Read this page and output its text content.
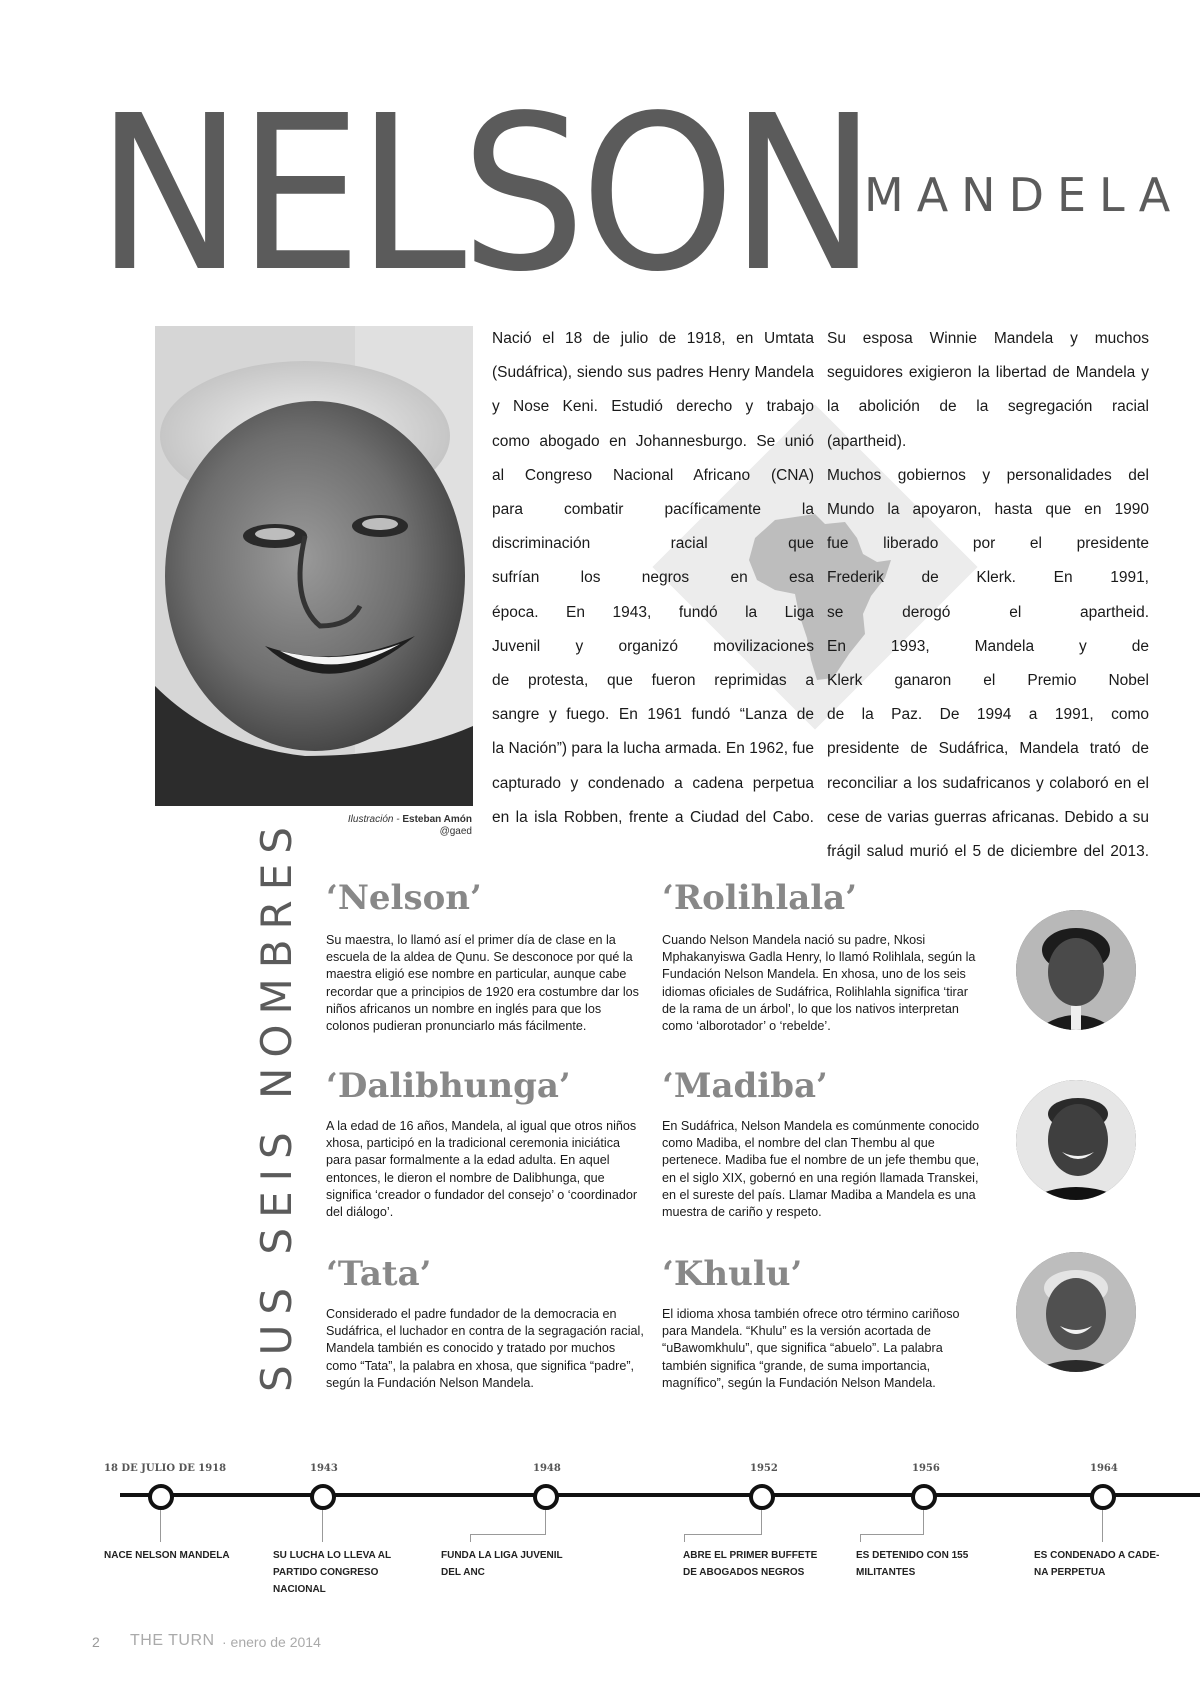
NELSON
MANDELA
Ilustración - Esteban Amón
@gaed
Nació el 18 de julio de 1918, en Umtata
(Sudáfrica), siendo sus padres Henry Mandela
y Nose Keni. Estudió derecho y trabajo
como abogado en Johannesburgo. Se unió
al Congreso Nacional Africano (CNA)
para combatir pacíficamente la
discriminación racial que
sufrían los negros en esa
época. En 1943, fundó la Liga
Juvenil y organizó movilizaciones
de protesta, que fueron reprimidas a
sangre y fuego. En 1961 fundó “Lanza de
la Nación”) para la lucha armada. En 1962, fue
capturado y condenado a cadena perpetua
en la isla Robben, frente a Ciudad del Cabo.
Su esposa Winnie Mandela y muchos
seguidores exigieron la libertad de Mandela y
la abolición de la segregación racial (apartheid).
Muchos gobiernos y personalidades del
Mundo la apoyaron, hasta que en 1990
fue liberado por el presidente
Frederik de Klerk. En 1991,
se derogó el apartheid.
En 1993, Mandela y de
Klerk ganaron el Premio Nobel
de la Paz. De 1994 a 1991, como
presidente de Sudáfrica, Mandela trató de
reconciliar a los sudafricanos y colaboró en el
cese de varias guerras africanas. Debido a su
frágil salud murió el 5 de diciembre del 2013.
SUS SEIS NOMBRES ‘Nelson’
Su maestra, lo llamó así el primer día de clase en la escuela de la aldea de Qunu. Se desconoce por qué la maestra eligió ese nombre en particular, aunque cabe recordar que a principios de 1920 era costumbre dar los niños africanos un nombre en inglés para que los colonos pudieran pronunciarlo más fácilmente.
‘Rolihlala’
Cuando Nelson Mandela nació su padre, Nkosi Mphakanyiswa Gadla Henry, lo llamó Rolihlala, según la Fundación Nelson Mandela. En xhosa, uno de los seis idiomas oficiales de Sudáfrica, Rolihlahla significa ‘tirar de la rama de un árbol’, lo que los nativos interpretan como ‘alborotador’ o ‘rebelde’.
‘Dalibhunga’
A la edad de 16 años, Mandela, al igual que otros niños xhosa, participó en la tradicional ceremonia iniciática para pasar formalmente a la edad adulta. En aquel entonces, le dieron el nombre de Dalibhunga, que significa ‘creador o fundador del consejo’ o ‘coordinador del diálogo’.
‘Madiba’
En Sudáfrica, Nelson Mandela es comúnmente conocido como Madiba, el nombre del clan Thembu al que pertenece. Madiba fue el nombre de un jefe thembu que, en el siglo XIX, gobernó en una región llamada Transkei, en el sureste del país. Llamar Madiba a Mandela es una muestra de cariño y respeto.
‘Tata’
Considerado el padre fundador de la democracia en Sudáfrica, el luchador en contra de la segragación racial, Mandela también es conocido y tratado por muchos como “Tata”, la palabra en xhosa, que significa “padre”, según la Fundación Nelson Mandela.
‘Khulu’
El idioma xhosa también ofrece otro término cariñoso para Mandela. “Khulu” es la versión acortada de “uBawomkhulu”, que significa “abuelo”. La palabra también significa “grande, de suma importancia, magnífico”, según la Fundación Nelson Mandela.
18 DE JULIO DE 1918
NACE NELSON MANDELA
1943
SU LUCHA LO LLEVA AL PARTIDO CONGRESO NACIONAL
1948
FUNDA LA LIGA JUVENIL DEL ANC
1952
ABRE EL PRIMER BUFFETE DE ABOGADOS NEGROS
1956
ES DETENIDO CON 155 MILITANTES
1964
ES CONDENADO A CADE- NA PERPETUA
2 THE TURN · enero de 2014
